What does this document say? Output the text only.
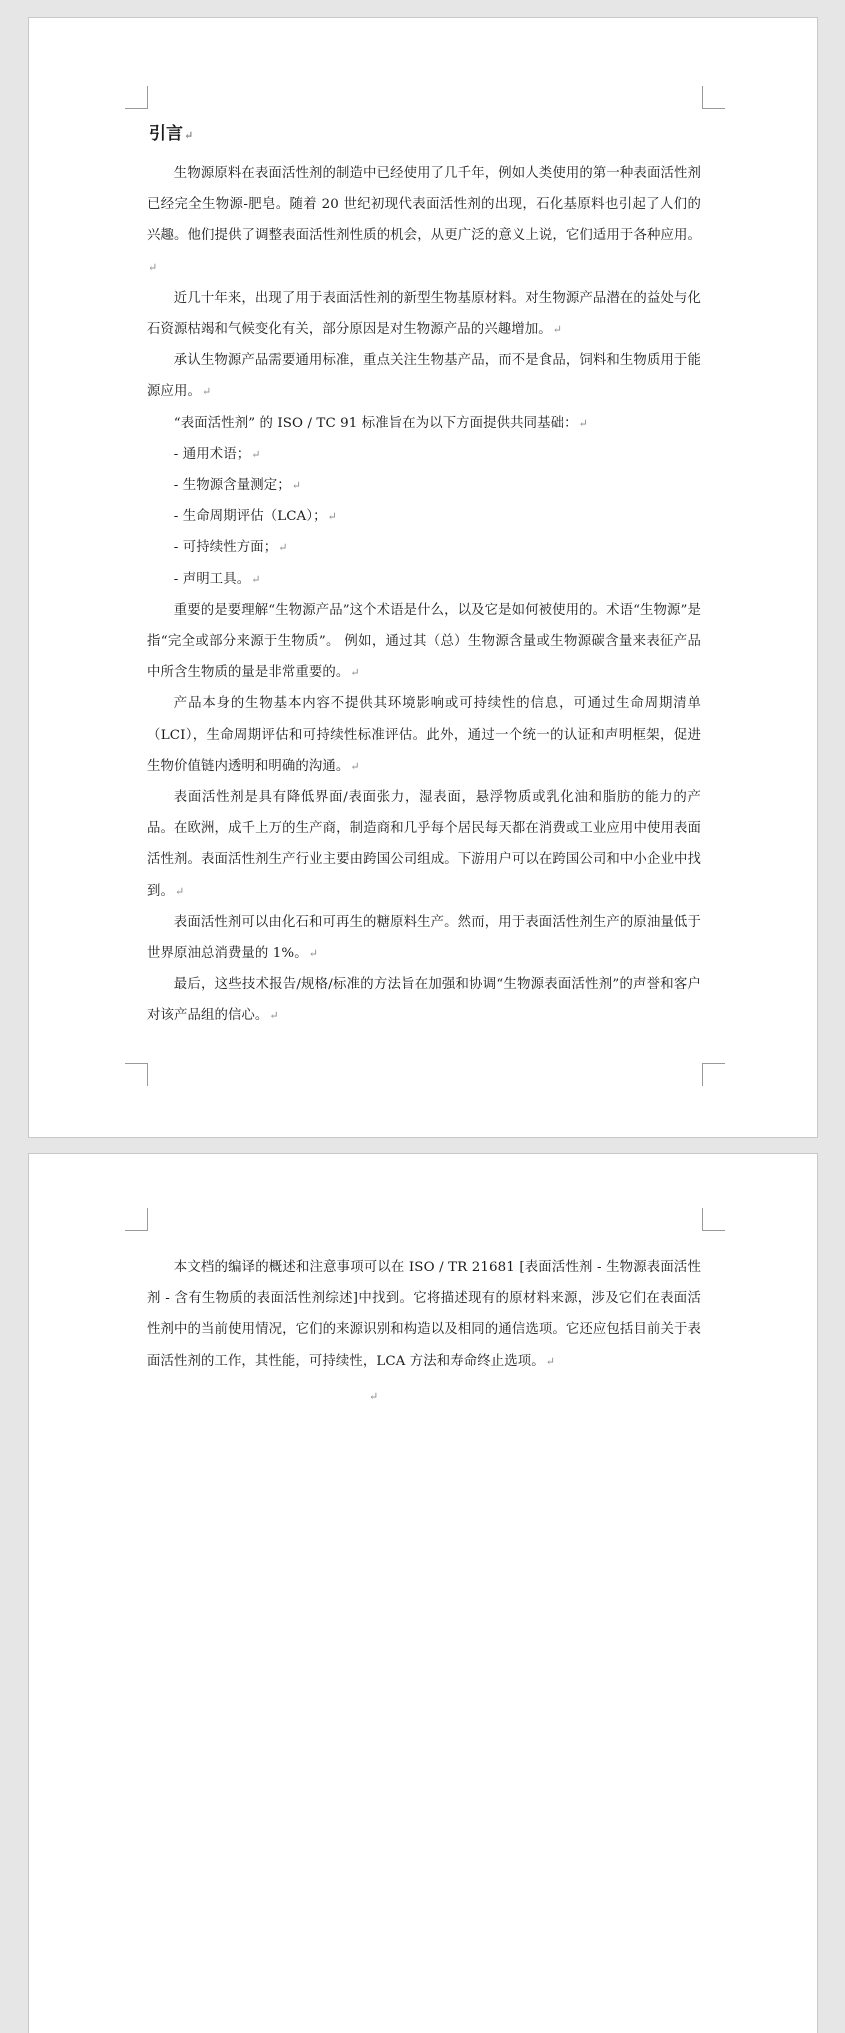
引言↵

生物源原料在表面活性剂的制造中已经使用了几千年，例如人类使用的第一种表面活性剂已经完全生物源-肥皂。随着 20 世纪初现代表面活性剂的出现，石化基原料也引起了人们的兴趣。他们提供了调整表面活性剂性质的机会，从更广泛的意义上说，它们适用于各种应用。↵

近几十年来，出现了用于表面活性剂的新型生物基原材料。对生物源产品潜在的益处与化石资源枯竭和气候变化有关，部分原因是对生物源产品的兴趣增加。↵

承认生物源产品需要通用标准，重点关注生物基产品，而不是食品，饲料和生物质用于能源应用。↵

“表面活性剂” 的 ISO / TC 91 标准旨在为以下方面提供共同基础：↵

- 通用术语；↵

- 生物源含量测定；↵

- 生命周期评估（LCA）；↵

- 可持续性方面；↵

- 声明工具。↵

重要的是要理解“生物源产品”这个术语是什么，以及它是如何被使用的。术语“生物源”是指“完全或部分来源于生物质”。 例如，通过其（总）生物源含量或生物源碳含量来表征产品中所含生物质的量是非常重要的。↵

产品本身的生物基本内容不提供其环境影响或可持续性的信息，可通过生命周期清单（LCI），生命周期评估和可持续性标准评估。此外，通过一个统一的认证和声明框架，促进生物价值链内透明和明确的沟通。↵

表面活性剂是具有降低界面/表面张力，湿表面，悬浮物质或乳化油和脂肪的能力的产品。在欧洲，成千上万的生产商，制造商和几乎每个居民每天都在消费或工业应用中使用表面活性剂。表面活性剂生产行业主要由跨国公司组成。下游用户可以在跨国公司和中小企业中找到。↵

表面活性剂可以由化石和可再生的糖原料生产。然而，用于表面活性剂生产的原油量低于世界原油总消费量的 1%。↵

最后，这些技术报告/规格/标准的方法旨在加强和协调“生物源表面活性剂”的声誉和客户对该产品组的信心。↵

本文档的编译的概述和注意事项可以在 ISO / TR 21681 [表面活性剂 - 生物源表面活性剂 - 含有生物质的表面活性剂综述]中找到。它将描述现有的原材料来源，涉及它们在表面活性剂中的当前使用情况，它们的来源识别和构造以及相同的通信选项。它还应包括目前关于表面活性剂的工作，其性能，可持续性，LCA 方法和寿命终止选项。↵

↵
